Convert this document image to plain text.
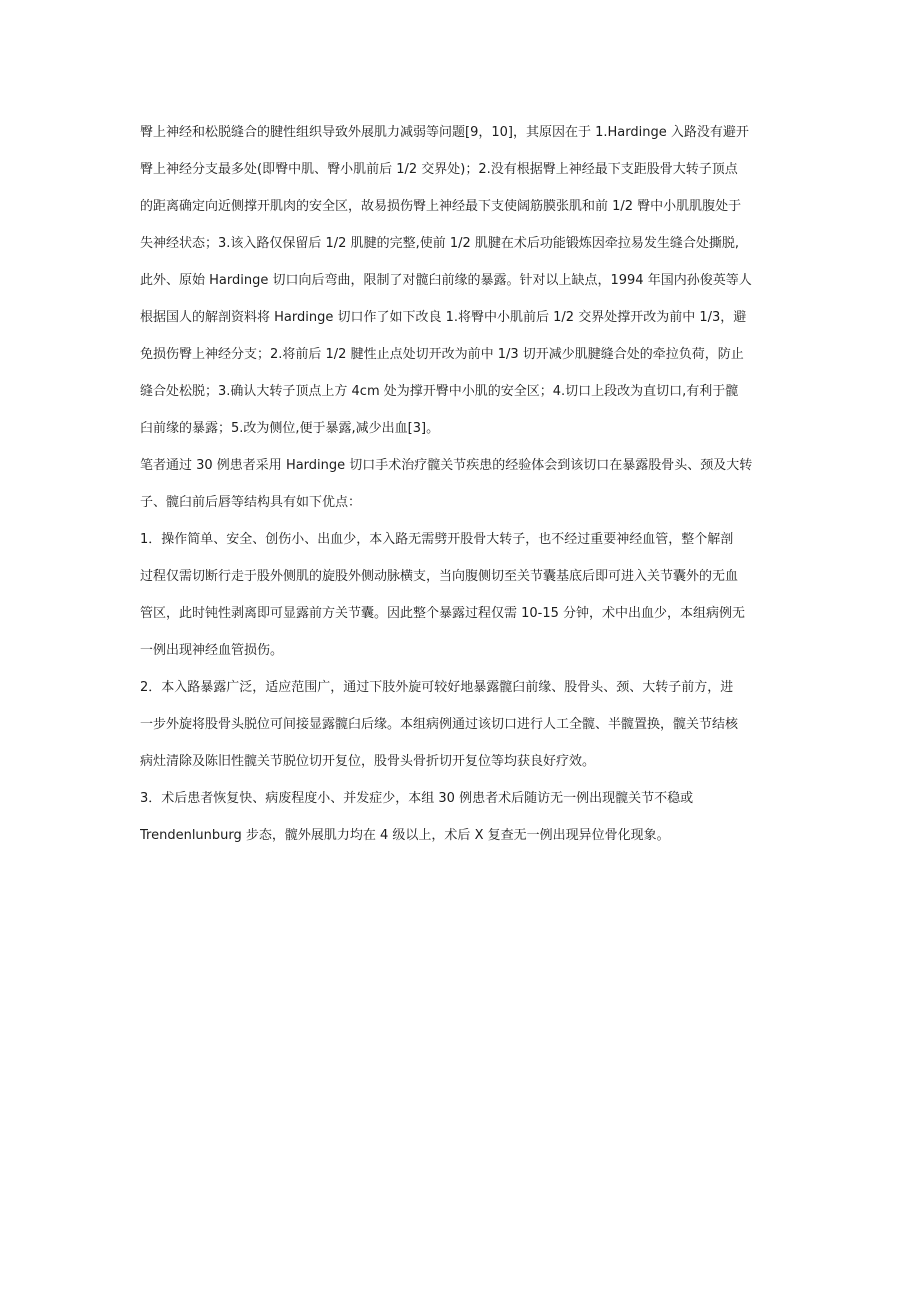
臀上神经和松脱缝合的腱性组织导致外展肌力减弱等问题[9，10]，其原因在于 1.Hardinge 入路没有避开
臀上神经分支最多处(即臀中肌、臀小肌前后 1/2 交界处)；2.没有根据臀上神经最下支距股骨大转子顶点
的距离确定向近侧撑开肌肉的安全区，故易损伤臀上神经最下支使阔筋膜张肌和前 1/2 臀中小肌肌腹处于
失神经状态；3.该入路仅保留后 1/2 肌腱的完整,使前 1/2 肌腱在术后功能锻炼因牵拉易发生缝合处撕脱,
此外、原始 Hardinge 切口向后弯曲，限制了对髋臼前缘的暴露。针对以上缺点，1994 年国内孙俊英等人
根据国人的解剖资料将 Hardinge 切口作了如下改良 1.将臀中小肌前后 1/2 交界处撑开改为前中 1/3，避
免损伤臀上神经分支；2.将前后 1/2 腱性止点处切开改为前中 1/3 切开减少肌腱缝合处的牵拉负荷，防止
缝合处松脱；3.确认大转子顶点上方 4cm 处为撑开臀中小肌的安全区；4.切口上段改为直切口,有利于髋
臼前缘的暴露；5.改为侧位,便于暴露,减少出血[3]。
笔者通过 30 例患者采用 Hardinge 切口手术治疗髋关节疾患的经验体会到该切口在暴露股骨头、颈及大转
子、髋臼前后唇等结构具有如下优点：
1．操作简单、安全、创伤小、出血少，本入路无需劈开股骨大转子，也不经过重要神经血管，整个解剖
过程仅需切断行走于股外侧肌的旋股外侧动脉横支，当向腹侧切至关节囊基底后即可进入关节囊外的无血
管区，此时钝性剥离即可显露前方关节囊。因此整个暴露过程仅需 10-15 分钟，术中出血少，本组病例无
一例出现神经血管损伤。
2．本入路暴露广泛，适应范围广，通过下肢外旋可较好地暴露髋臼前缘、股骨头、颈、大转子前方，进
一步外旋将股骨头脱位可间接显露髋臼后缘。本组病例通过该切口进行人工全髋、半髋置换，髋关节结核
病灶清除及陈旧性髋关节脱位切开复位，股骨头骨折切开复位等均获良好疗效。
3．术后患者恢复快、病废程度小、并发症少，本组 30 例患者术后随访无一例出现髋关节不稳或
Trendenlunburg 步态，髋外展肌力均在 4 级以上，术后 X 复查无一例出现异位骨化现象。
